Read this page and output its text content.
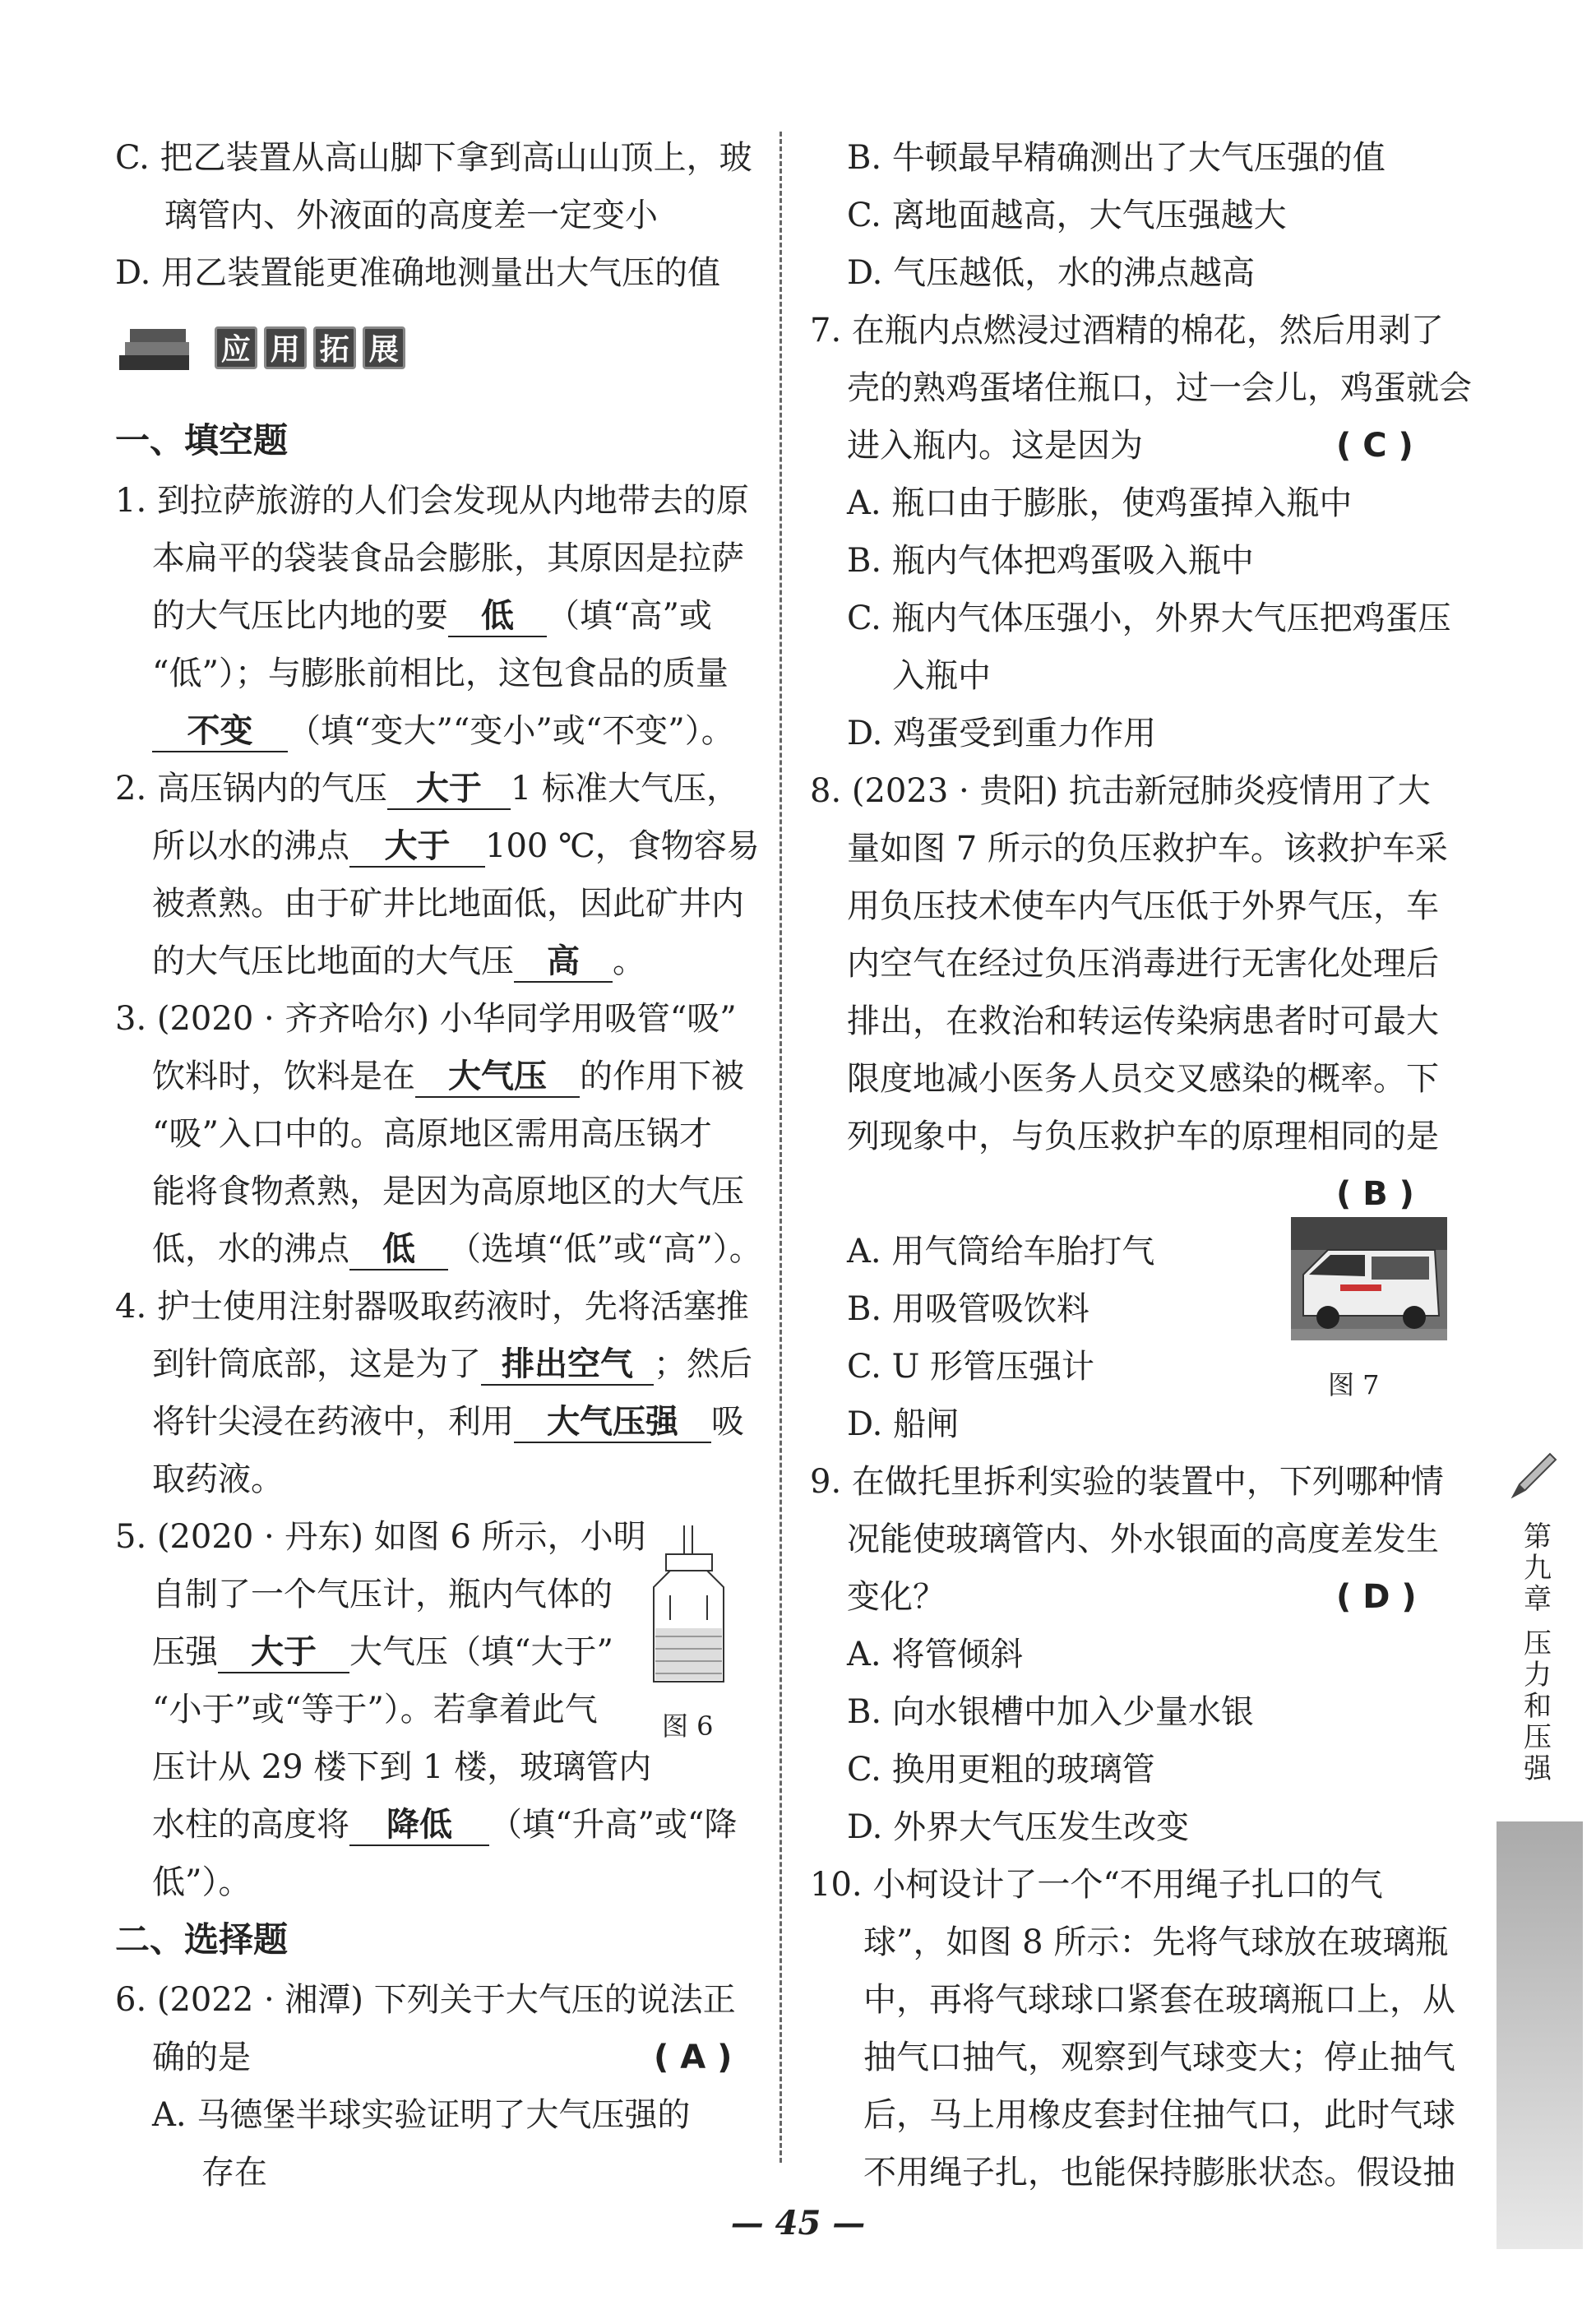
C. 把乙装置从高山脚下拿到高山山顶上，玻
璃管内、外液面的高度差一定变小
D. 用乙装置能更准确地测量出大气压的值
应 用 拓 展
一、填空题
1. 到拉萨旅游的人们会发现从内地带去的原
本扁平的袋装食品会膨胀，其原因是拉萨
的大气压比内地的要 低 （填“高”或
“低”）；与膨胀前相比，这包食品的质量
不变 （填“变大”“变小”或“不变”）。
2. 高压锅内的气压 大于 1 标准大气压，
所以水的沸点 大于 100 ℃，食物容易
被煮熟。由于矿井比地面低，因此矿井内
的大气压比地面的大气压 高 。
3. (2020 · 齐齐哈尔) 小华同学用吸管“吸”
饮料时，饮料是在 大气压 的作用下被
“吸”入口中的。高原地区需用高压锅才
能将食物煮熟，是因为高原地区的大气压
低，水的沸点 低 （选填“低”或“高”）。
4. 护士使用注射器吸取药液时，先将活塞推
到针筒底部，这是为了 排出空气 ；然后
将针尖浸在药液中，利用 大气压强 吸
取药液。
5. (2020 · 丹东) 如图 6 所示，小明
自制了一个气压计，瓶内气体的
压强 大于 大气压（填“大于”
“小于”或“等于”）。若拿着此气
压计从 29 楼下到 1 楼，玻璃管内
水柱的高度将 降低 （填“升高”或“降
低”）。
图 6
二、选择题
6. (2022 · 湘潭) 下列关于大气压的说法正
确的是	( A )
A. 马德堡半球实验证明了大气压强的
存在
B. 牛顿最早精确测出了大气压强的值
C. 离地面越高，大气压强越大
D. 气压越低，水的沸点越高
7. 在瓶内点燃浸过酒精的棉花，然后用剥了
壳的熟鸡蛋堵住瓶口，过一会儿，鸡蛋就会
进入瓶内。这是因为	( C )
A. 瓶口由于膨胀，使鸡蛋掉入瓶中
B. 瓶内气体把鸡蛋吸入瓶中
C. 瓶内气体压强小，外界大气压把鸡蛋压
入瓶中
D. 鸡蛋受到重力作用
8. (2023 · 贵阳) 抗击新冠肺炎疫情用了大
量如图 7 所示的负压救护车。该救护车采
用负压技术使车内气压低于外界气压，车
内空气在经过负压消毒进行无害化处理后
排出，在救治和转运传染病患者时可最大
限度地减小医务人员交叉感染的概率。下
列现象中，与负压救护车的原理相同的是
( B )
A. 用气筒给车胎打气
B. 用吸管吸饮料
C. U 形管压强计
D. 船闸
图 7
9. 在做托里拆利实验的装置中，下列哪种情
况能使玻璃管内、外水银面的高度差发生
变化？	( D )
A. 将管倾斜
B. 向水银槽中加入少量水银
C. 换用更粗的玻璃管
D. 外界大气压发生改变
10. 小柯设计了一个“不用绳子扎口的气
球”，如图 8 所示：先将气球放在玻璃瓶
中，再将气球球口紧套在玻璃瓶口上，从
抽气口抽气，观察到气球变大；停止抽气
后，马上用橡皮套封住抽气口，此时气球
不用绳子扎，也能保持膨胀状态。假设抽
第
九
章
压
力
和
压
强
— 45 —
